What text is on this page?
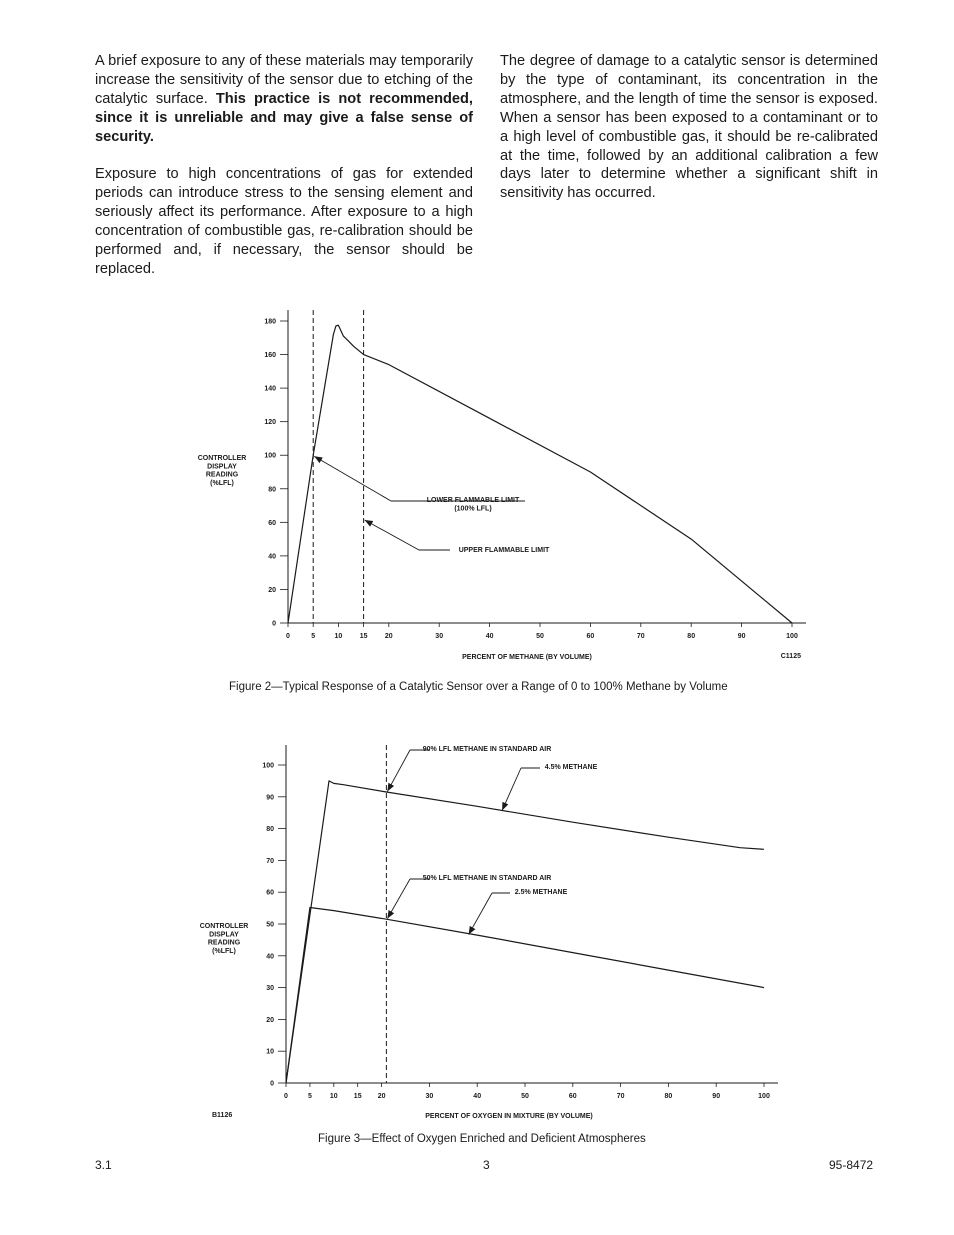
A brief exposure to any of these materials may temporarily increase the sensitivity of the sensor due to etching of the catalytic surface. This practice is not recommended, since it is unreliable and may give a false sense of security.

Exposure to high concentrations of gas for extended periods can introduce stress to the sensing element and seriously affect its performance. After exposure to a high concentration of combustible gas, re-calibration should be performed and, if necessary, the sensor should be replaced.

The degree of damage to a catalytic sensor is determined by the type of contaminant, its concentration in the atmosphere, and the length of time the sensor is exposed. When a sensor has been exposed to a contaminant or to a high level of combustible gas, it should be re-calibrated at the time, followed by an additional calibration a few days later to determine whether a significant shift in sensitivity has occurred.

0
20
40
60
80
100
120
140
160
180
0	5	10 15 20	30	40	50	60	70	80	90	100
PERCENT OF METHANE (BY VOLUME)
CONTROLLER
DISPLAY
READING
(%LFL)
C1125
LOWER FLAMMABLE LIMIT
(100% LFL)
UPPER FLAMMABLE LIMIT
Figure 2—Typical Response of a Catalytic Sensor over a Range of 0 to 100% Methane by Volume
0
10
20
30
40
50
60
70
80
90
100
0	5	10 15 20	30	40	50	60	70	80	90	100
PERCENT OF OXYGEN IN MIXTURE (BY VOLUME)
CONTROLLER
DISPLAY
READING
(%LFL)
B1126
90% LFL METHANE IN STANDARD AIR
4.5% METHANE
50% LFL METHANE IN STANDARD AIR
2.5% METHANE
Figure 3—Effect of Oxygen Enriched and Deficient Atmospheres
3.1	3	95-8472
